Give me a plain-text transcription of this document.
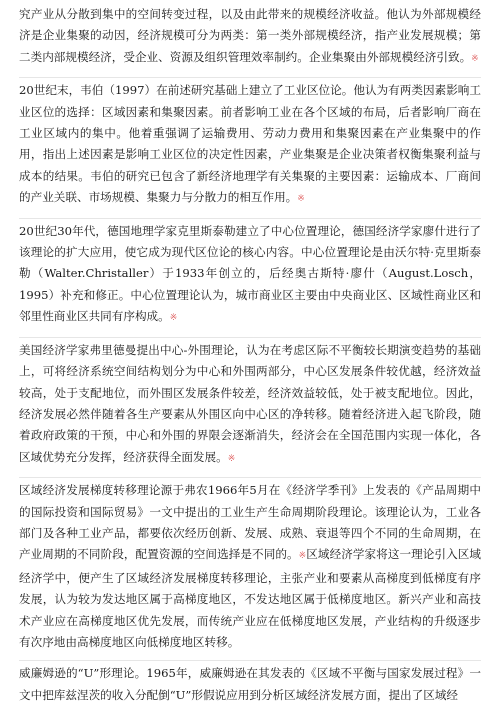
究产业从分散到集中的空间转变过程，以及由此带来的规模经济收益。他认为外部规模经济是企业集聚的动因，经济规模可分为两类：第一类外部规模经济，指产业发展规模；第二类内部规模经济，受企业、资源及组织管理效率制约。企业集聚由外部规模经济引致。※

20世纪末，韦伯（1997）在前述研究基础上建立了工业区位论。他认为有两类因素影响工业区位的选择：区域因素和集聚因素。前者影响工业在各个区域的布局，后者影响厂商在工业区域内的集中。他着重强调了运输费用、劳动力费用和集聚因素在产业集聚中的作用，指出上述因素是影响工业区位的决定性因素，产业集聚是企业决策者权衡集聚利益与成本的结果。韦伯的研究已包含了新经济地理学有关集聚的主要因素：运输成本、厂商间的产业关联、市场规模、集聚力与分散力的相互作用。※

20世纪30年代，德国地理学家克里斯泰勒建立了中心位置理论，德国经济学家廖什进行了该理论的扩大应用，使它成为现代区位论的核心内容。中心位置理论是由沃尔特·克里斯泰勒（Walter.Christaller）于1933年创立的，后经奥古斯特·廖什（August.Losch，1995）补充和修正。中心位置理论认为，城市商业区主要由中央商业区、区域性商业区和邻里性商业区共同有序构成。※

美国经济学家弗里德曼提出中心-外围理论，认为在考虑区际不平衡较长期演变趋势的基础上，可将经济系统空间结构划分为中心和外围两部分，中心区发展条件较优越，经济效益较高，处于支配地位，而外围区发展条件较差，经济效益较低，处于被支配地位。因此，经济发展必然伴随着各生产要素从外围区向中心区的净转移。随着经济进入起飞阶段，随着政府政策的干预，中心和外围的界限会逐渐消失，经济会在全国范围内实现一体化，各区域优势充分发挥，经济获得全面发展。※

区域经济发展梯度转移理论源于弗农1966年5月在《经济学季刊》上发表的《产品周期中的国际投资和国际贸易》一文中提出的工业生产生命周期阶段理论。该理论认为，工业各部门及各种工业产品，都要依次经历创新、发展、成熟、衰退等四个不同的生命周期，在产业周期的不同阶段，配置资源的空间选择是不同的。※区域经济学家将这一理论引入区域经济学中，便产生了区域经济发展梯度转移理论，主张产业和要素从高梯度到低梯度有序发展，认为较为发达地区属于高梯度地区，不发达地区属于低梯度地区。新兴产业和高技术产业应在高梯度地区优先发展，而传统产业应在低梯度地区发展，产业结构的升级逐步有次序地由高梯度地区向低梯度地区转移。

威廉姆逊的“U”形理论。1965年，威廉姆逊在其发表的《区域不平衡与国家发展过程》一文中把库兹涅茨的收入分配倒“U”形假说应用到分析区域经济发展方面，提出了区域经
